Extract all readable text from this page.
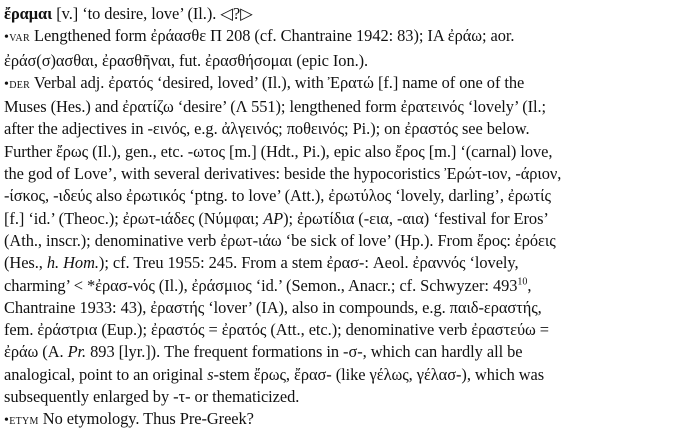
ἔραμαι [v.] ‘to desire, love’ (Il.). ◁?▷
•var Lengthened form ἐράασθε Π 208 (cf. Chantraine 1942: 83); IA ἐράω; aor.
ἐράσ(σ)ασθαι, ἐρασθῆναι, fut. ἐρασθήσομαι (epic Ion.).
•der Verbal adj. ἐρατός ‘desired, loved’ (Il.), with Ἐρατώ [f.] name of one of the
Muses (Hes.) and ἐρατίζω ‘desire’ (Λ 551); lengthened form ἐρατεινός ‘lovely’ (Il.;
after the adjectives in -εινός, e.g. ἀλγεινός; ποθεινός; Pi.); on ἐραστός see below.
Further ἔρως (Il.), gen., etc. -ωτος [m.] (Hdt., Pi.), epic also ἔρος [m.] ‘(carnal) love,
the god of Love’, with several derivatives: beside the hypocoristics Ἐρώτ-ιον, -άριον,
-ίσκος, -ιδεύς also ἐρωτικός ‘ptng. to love’ (Att.), ἐρωτύλος ‘lovely, darling’, ἐρωτίς
[f.] ‘id.’ (Theoc.); ἐρωτ-ιάδες (Νύμφαι; AP); ἐρωτίδια (-εια, -αια) ‘festival for Eros’
(Ath., inscr.); denominative verb ἐρωτ-ιάω ‘be sick of love’ (Hp.). From ἔρος: ἐρόεις
(Hes., h. Hom.); cf. Treu 1955: 245. From a stem ἐρασ-: Aeol. ἐραννός ‘lovely,
charming’ < *ἐρασ-νός (Il.), ἐράσμιος ‘id.’ (Semon., Anacr.; cf. Schwyzer: $493^{10}$,
Chantraine 1933: 43), ἐραστής ‘lover’ (IA), also in compounds, e.g. παιδ-εραστής,
fem. ἐράστρια (Eup.); ἐραστός = ἐρατός (Att., etc.); denominative verb ἐραστεύω =
ἐράω (A. Pr. 893 [lyr.]). The frequent formations in -σ-, which can hardly all be
analogical, point to an original s-stem ἔρως, ἔρασ- (like γέλως, γέλασ-), which was
subsequently enlarged by -τ- or thematicized.
•etym No etymology. Thus Pre-Greek?
